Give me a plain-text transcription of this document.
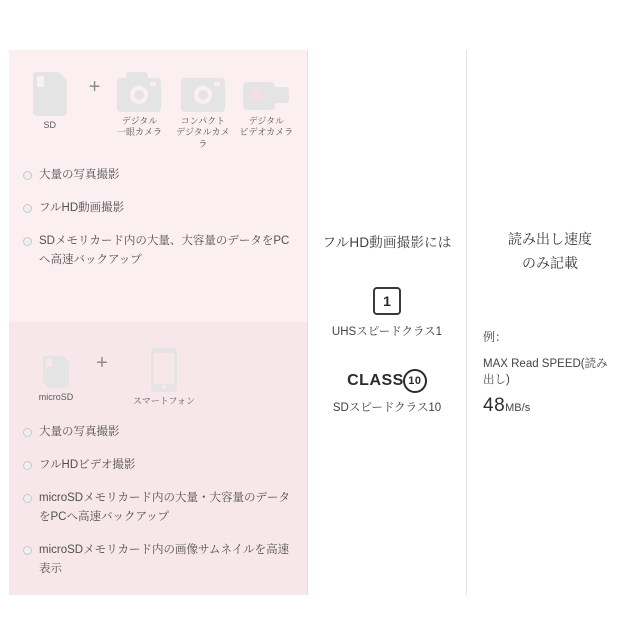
SD
+
デジタル
一眼カメラ
コンパクト
デジタルカメラ
デジタル
ビデオカメラ
大量の写真撮影
フルHD動画撮影
SDメモリカード内の大量、大容量のデータをPCへ高速バックアップ
microSD
+
スマートフォン
大量の写真撮影
フルHDビデオ撮影
microSDメモリカード内の大量・大容量のデータをPCへ高速バックアップ
microSDメモリカード内の画像サムネイルを高速表示
フルHD動画撮影には
1
UHSスピードクラス1
CLASS 10
SDスピードクラス10
読み出し速度
のみ記載
例：
MAX Read SPEED(読み出し)
48MB/s
